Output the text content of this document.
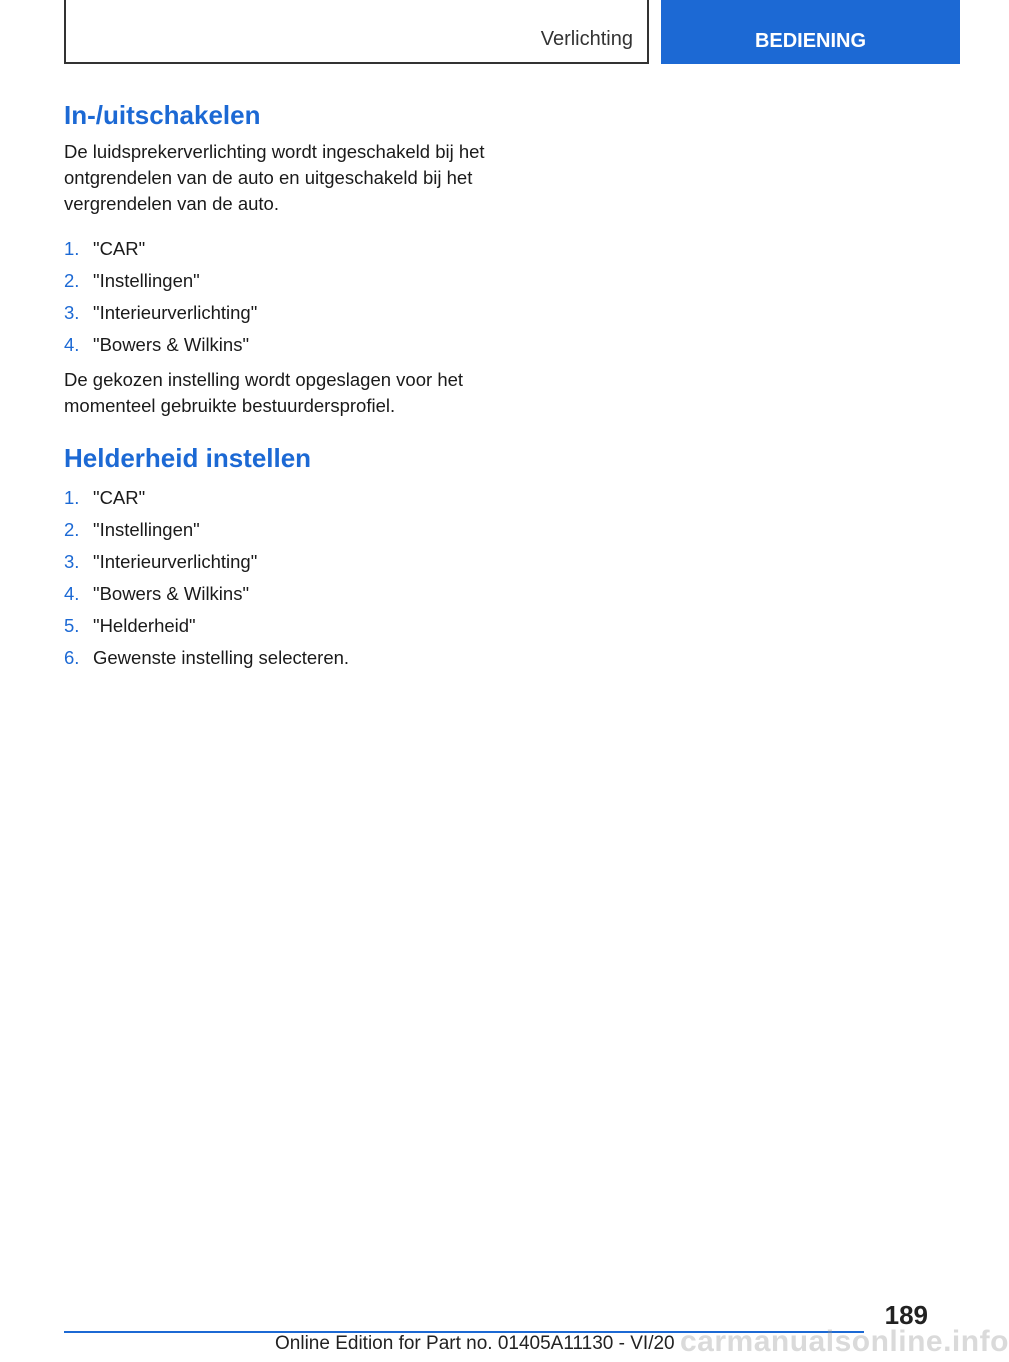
Verlichting	BEDIENING
In-/uitschakelen

De luidsprekerverlichting wordt ingeschakeld bij het ontgrendelen van de auto en uitgeschakeld bij het vergrendelen van de auto.

1. "CAR"
2. "Instellingen"
3. "Interieurverlichting"
4. "Bowers & Wilkins"

De gekozen instelling wordt opgeslagen voor het momenteel gebruikte bestuurdersprofiel.

Helderheid instellen
1. "CAR"
2. "Instellingen"
3. "Interieurverlichting"
4. "Bowers & Wilkins"
5. "Helderheid"
6. Gewenste instelling selecteren.
189
Online Edition for Part no. 01405A11130 - VI/20 carmanualsonline.info
